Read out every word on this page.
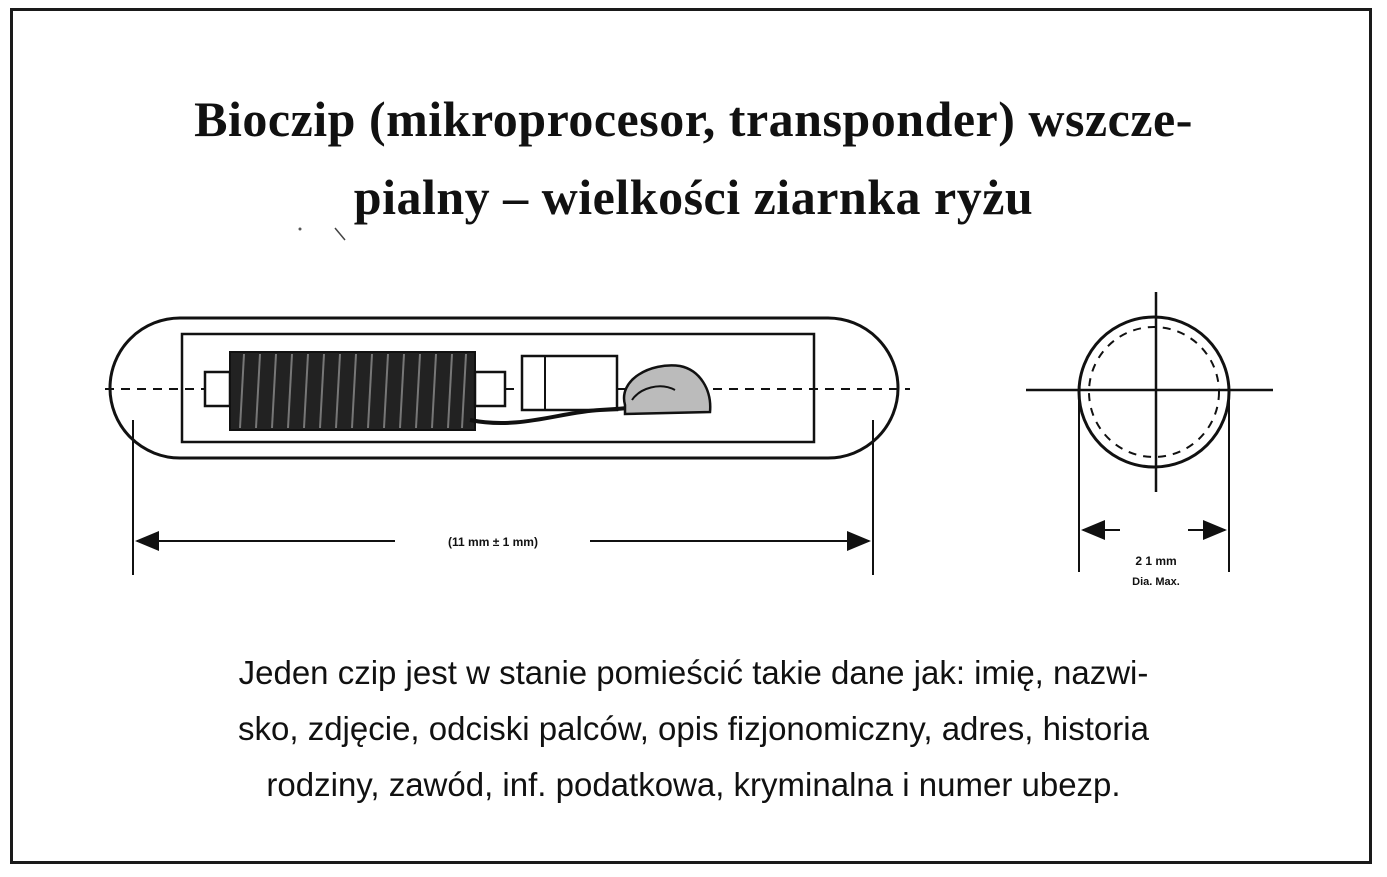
Bioczip (mikroprocesor, transponder) wszcze-
pialny – wielkości ziarnka ryżu
(11 mm ± 1 mm)
2 1 mm
Dia. Max.
Jeden czip jest w stanie pomieścić takie dane jak: imię, nazwi-
sko, zdjęcie, odciski palców, opis fizjonomiczny, adres, historia
rodziny, zawód, inf. podatkowa, kryminalna i numer ubezp.
